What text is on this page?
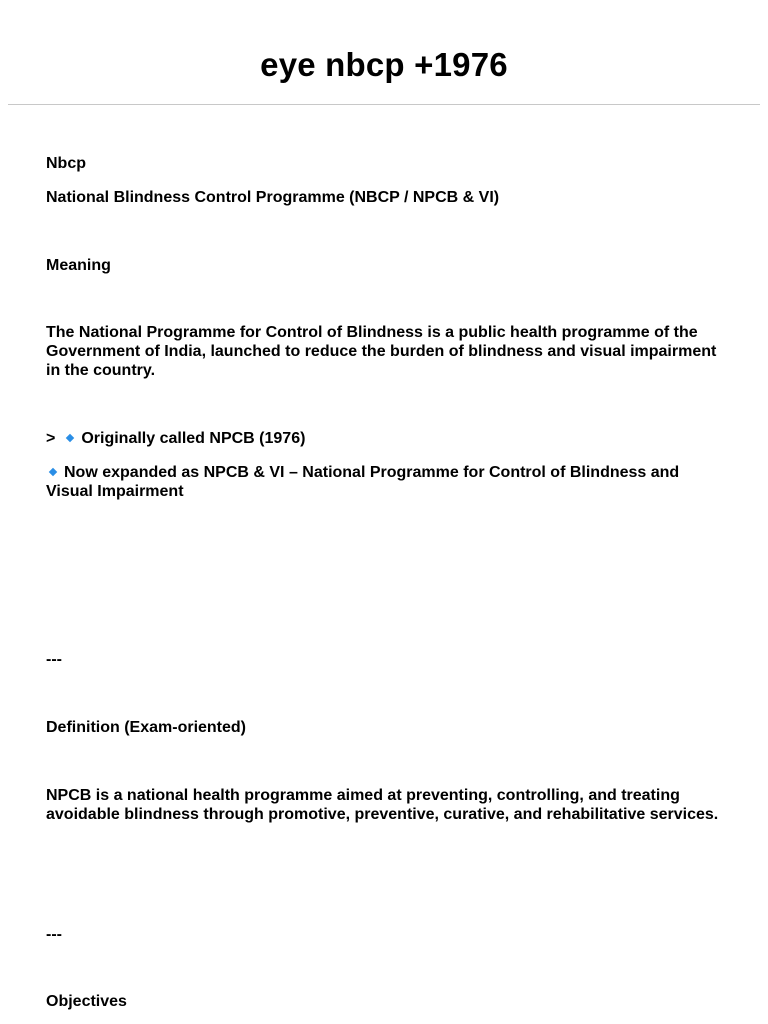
eye nbcp +1976
Nbcp
National Blindness Control Programme (NBCP / NPCB & VI)
Meaning
The National Programme for Control of Blindness is a public health programme of the Government of India, launched to reduce the burden of blindness and visual impairment in the country.
> Originally called NPCB (1976)
Now expanded as NPCB & VI – National Programme for Control of Blindness and Visual Impairment
---
Definition (Exam-oriented)
NPCB is a national health programme aimed at preventing, controlling, and treating avoidable blindness through promotive, preventive, curative, and rehabilitative services.
---
Objectives
